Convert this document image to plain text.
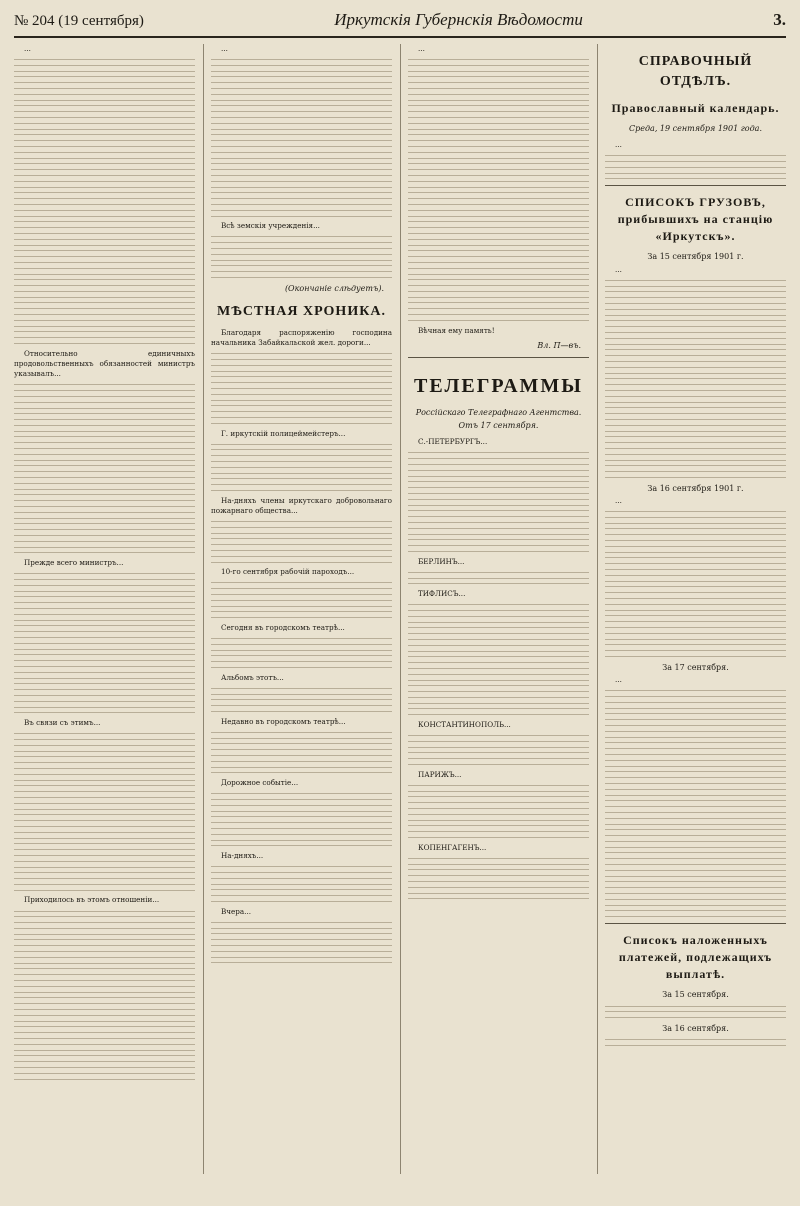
№ 204 (19 сентября)	Иркутскія Губернскія Вѣдомости	3.

...

Относительно единичныхъ продовольственныхъ обязанностей министръ указывалъ...

Прежде всего министръ...

Въ связи съ этимъ...

Приходилось въ этомъ отношеніи...

...

Всѣ земскія учрежденія...

(Окончаніе слѣдуетъ).
МѢСТНАЯ ХРОНИКА.

Благодаря распоряженію господина начальника Забайкальской жел. дороги...

Г. иркутскій полицеймейстеръ...

На-дняхъ члены иркутскаго добровольнаго пожарнаго общества...

10-го сентября рабочій пароходъ...

Сегодня въ городскомъ театрѣ...

Альбомъ этотъ...

Недавно въ городскомъ театрѣ...

Дорожное событіе...

На-дняхъ...

Вчера...

...

Вѣчная ему память!

Вл. П—въ.
ТЕЛЕГРАММЫ
Россійскаго Телеграфнаго Агентства.
Отъ 17 сентября.

С.-ПЕТЕРБУРГЪ...

БЕРЛИНЪ...

ТИФЛИСЪ...

КОНСТАНТИНОПОЛЬ...

ПАРИЖЪ...

КОПЕНГАГЕНЪ...

СПРАВОЧНЫЙ ОТДѢЛЪ.
Православный календарь.
Среда, 19 сентября 1901 года.

...

СПИСОКЪ ГРУЗОВЪ, прибывшихъ на станцію «Иркутскъ».
За 15 сентября 1901 г.

...

За 16 сентября 1901 г.

...

За 17 сентября.

...

Списокъ наложенныхъ платежей, подлежащихъ выплатѣ.
За 15 сентября.
За 16 сентября.
